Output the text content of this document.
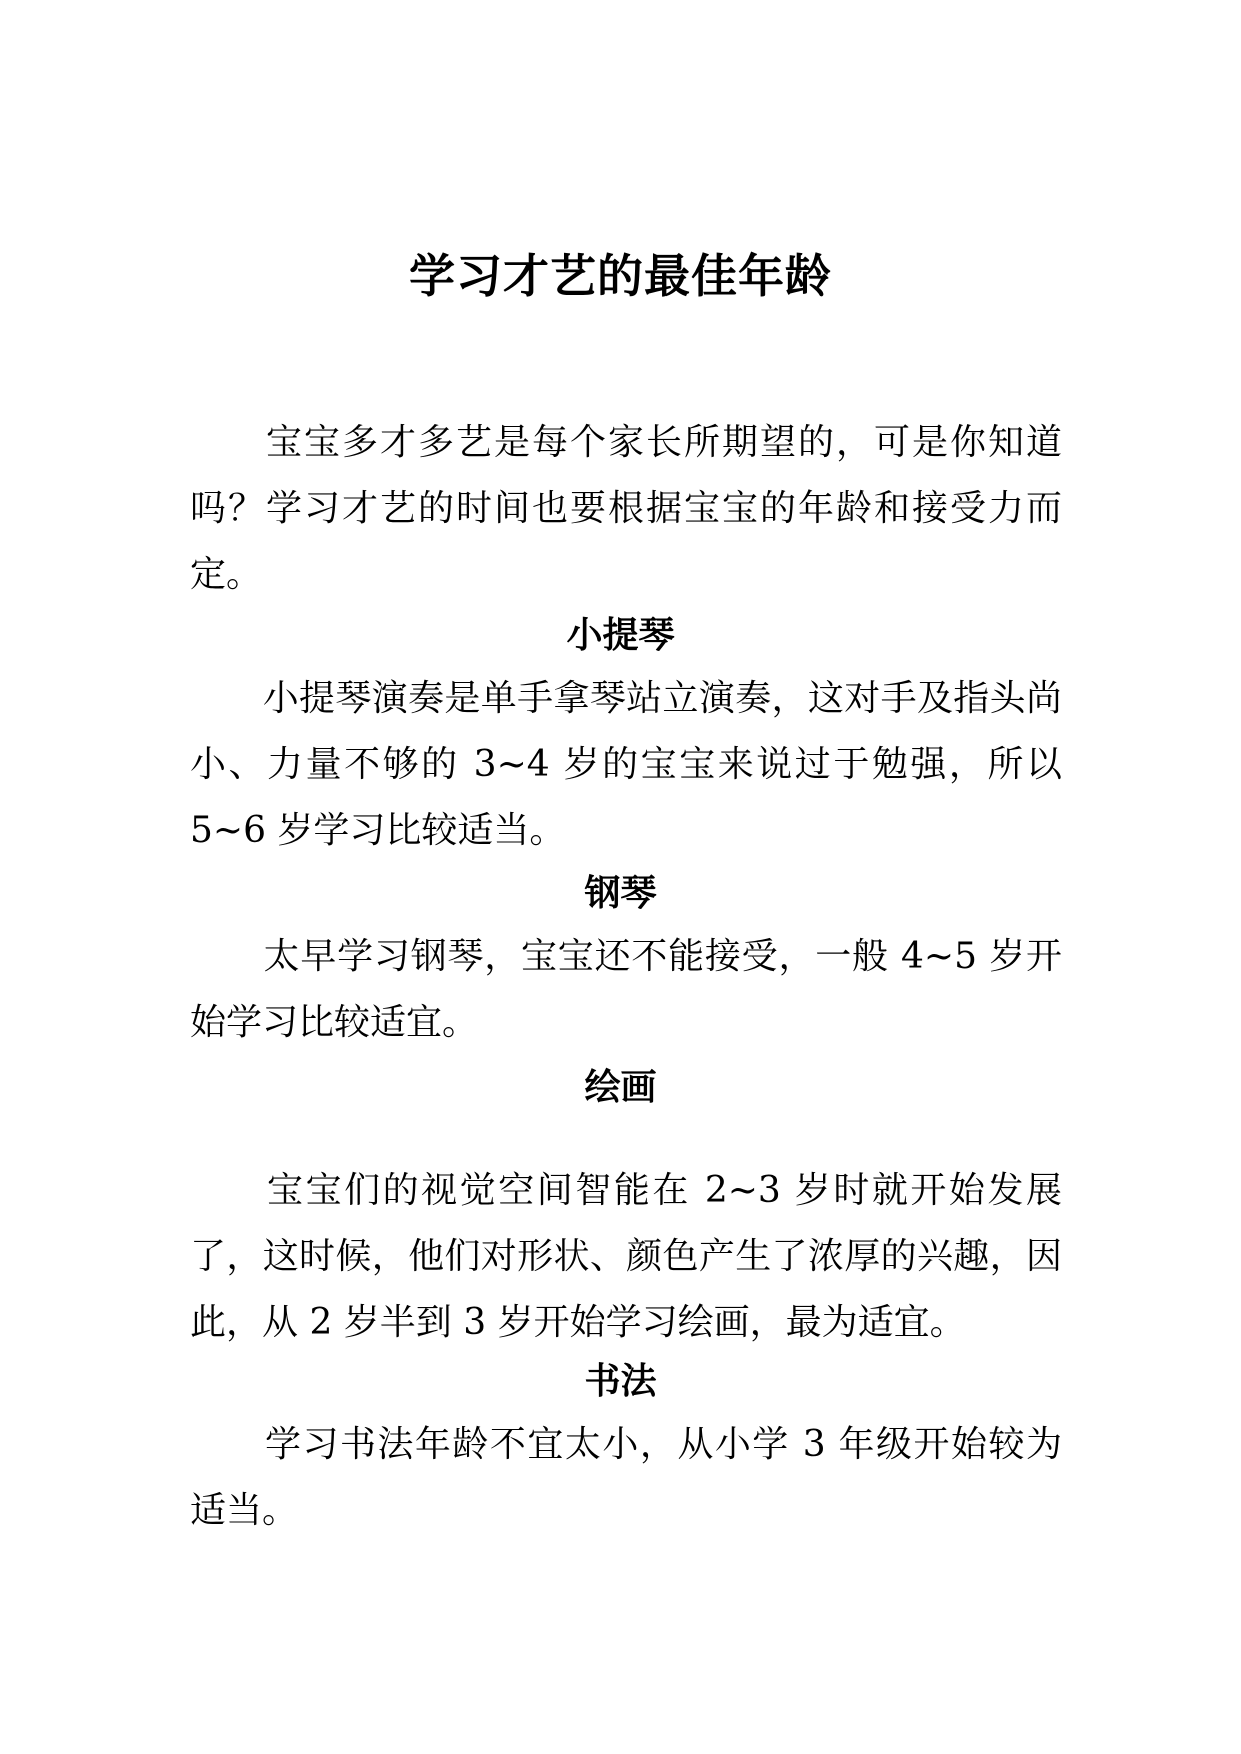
学习才艺的最佳年龄

　　宝宝多才多艺是每个家长所期望的，可是你知道吗？学习才艺的时间也要根据宝宝的年龄和接受力而定。

小提琴

　　小提琴演奏是单手拿琴站立演奏，这对手及指头尚小、力量不够的 3~4 岁的宝宝来说过于勉强，所以 5~6 岁学习比较适当。

钢琴

　　太早学习钢琴，宝宝还不能接受，一般 4~5 岁开始学习比较适宜。

绘画

　　宝宝们的视觉空间智能在 2~3 岁时就开始发展了，这时候，他们对形状、颜色产生了浓厚的兴趣，因此，从 2 岁半到 3 岁开始学习绘画，最为适宜。

书法

　　学习书法年龄不宜太小，从小学 3 年级开始较为适当。
